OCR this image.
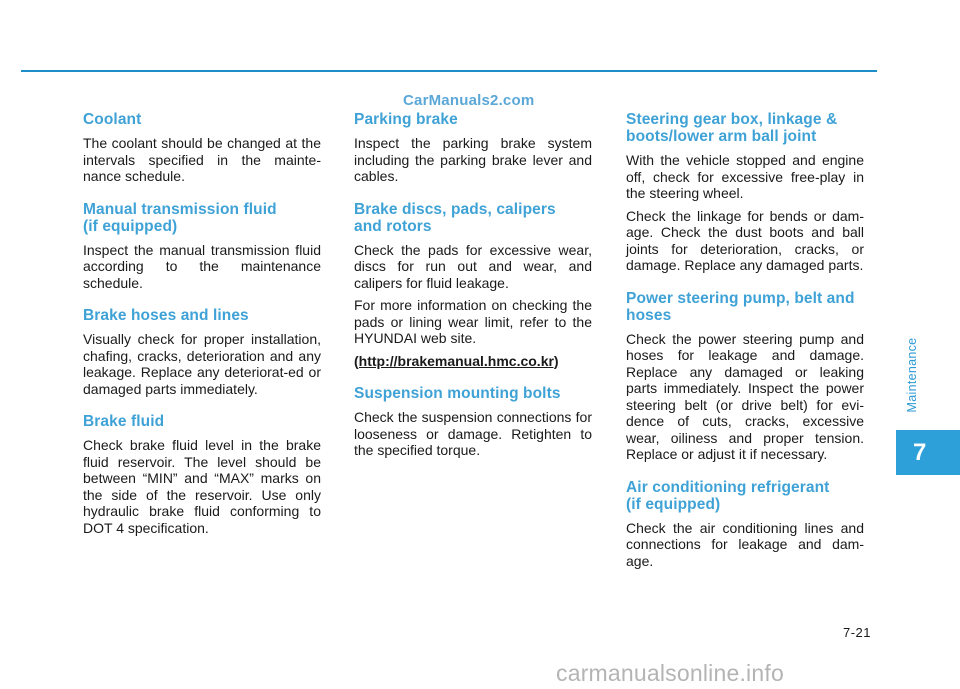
CarManuals2.com
Coolant

The coolant should be changed at the intervals specified in the mainte-nance schedule.

Manual transmission fluid
(if equipped)

Inspect the manual transmission fluid according to the maintenance schedule.

Brake hoses and lines

Visually check for proper installation, chafing, cracks, deterioration and any leakage. Replace any deteriorat-ed or damaged parts immediately.

Brake fluid

Check brake fluid level in the brake fluid reservoir. The level should be between “MIN” and “MAX” marks on the side of the reservoir. Use only hydraulic brake fluid conforming to DOT 4 specification.

Parking brake

Inspect the parking brake system including the parking brake lever and cables.

Brake discs, pads, calipers
and rotors

Check the pads for excessive wear, discs for run out and wear, and calipers for fluid leakage.

For more information on checking the pads or lining wear limit, refer to the HYUNDAI web site.

(http://brakemanual.hmc.co.kr)

Suspension mounting bolts

Check the suspension connections for looseness or damage. Retighten to the specified torque.

Steering gear box, linkage &
boots/lower arm ball joint

With the vehicle stopped and engine off, check for excessive free-play in the steering wheel.

Check the linkage for bends or dam-age. Check the dust boots and ball joints for deterioration, cracks, or damage. Replace any damaged parts.

Power steering pump, belt and
hoses

Check the power steering pump and hoses for leakage and damage. Replace any damaged or leaking parts immediately. Inspect the power steering belt (or drive belt) for evi-dence of cuts, cracks, excessive wear, oiliness and proper tension. Replace or adjust it if necessary.

Air conditioning refrigerant
(if equipped)

Check the air conditioning lines and connections for leakage and dam-age.

Maintenance
7
7-21
carmanualsonline.info
